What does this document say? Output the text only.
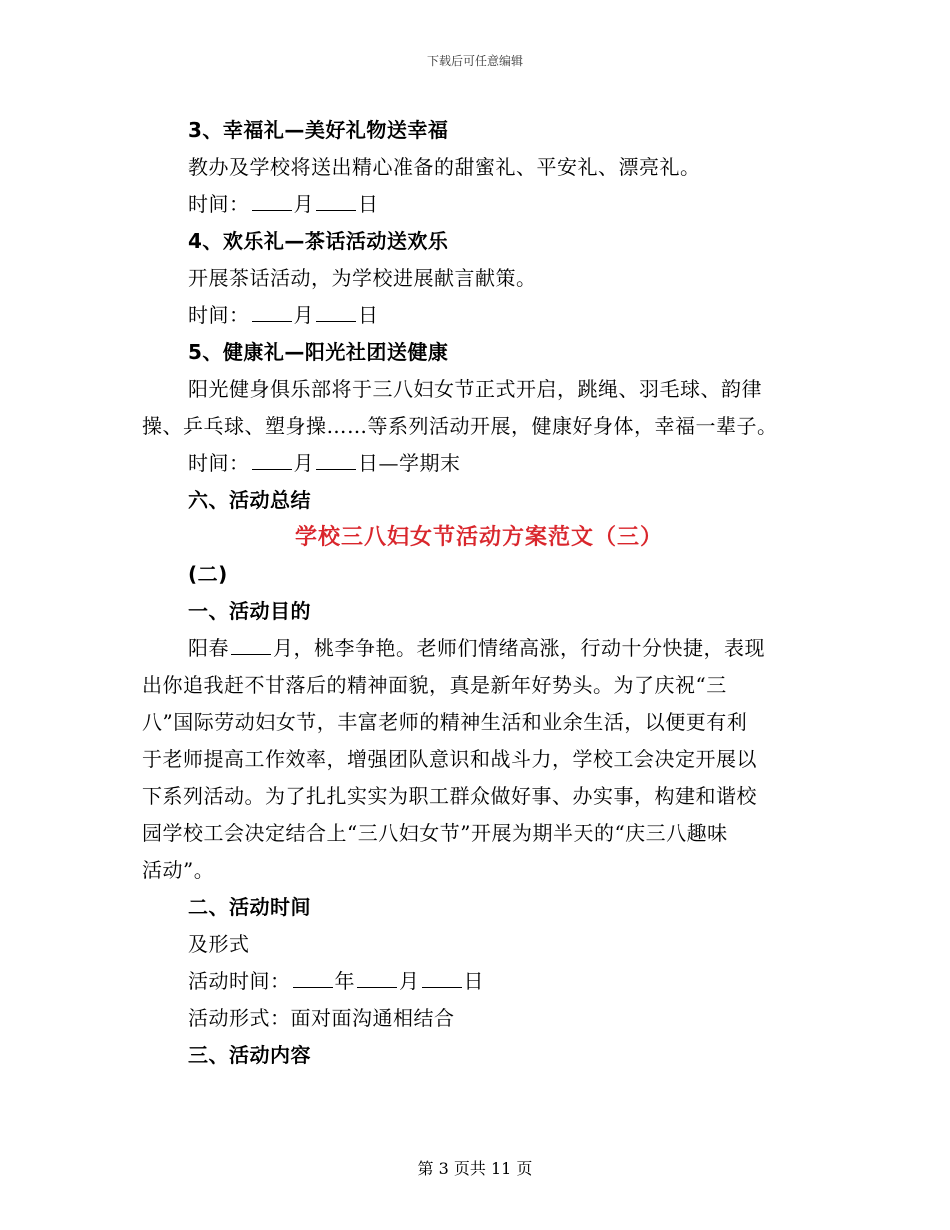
下载后可任意编辑
3、幸福礼—美好礼物送幸福
教办及学校将送出精心准备的甜蜜礼、平安礼、漂亮礼。
时间： 月 日
4、欢乐礼—茶话活动送欢乐
开展茶话活动，为学校进展献言献策。
时间： 月 日
5、健康礼—阳光社团送健康
阳光健身俱乐部将于三八妇女节正式开启，跳绳、羽毛球、韵律
操、乒乓球、塑身操……等系列活动开展，健康好身体，幸福一辈子。
时间： 月 日—学期末
六、活动总结
学校三八妇女节活动方案范文（三）
(二)
一、活动目的
阳春 月，桃李争艳。老师们情绪高涨，行动十分快捷，表现
出你追我赶不甘落后的精神面貌，真是新年好势头。为了庆祝“三
八”国际劳动妇女节，丰富老师的精神生活和业余生活，以便更有利
于老师提高工作效率，增强团队意识和战斗力，学校工会决定开展以
下系列活动。为了扎扎实实为职工群众做好事、办实事，构建和谐校
园学校工会决定结合上“三八妇女节”开展为期半天的“庆三八趣味
活动”。
二、活动时间
及形式
活动时间： 年 月 日
活动形式：面对面沟通相结合
三、活动内容
第 3 页共 11 页
